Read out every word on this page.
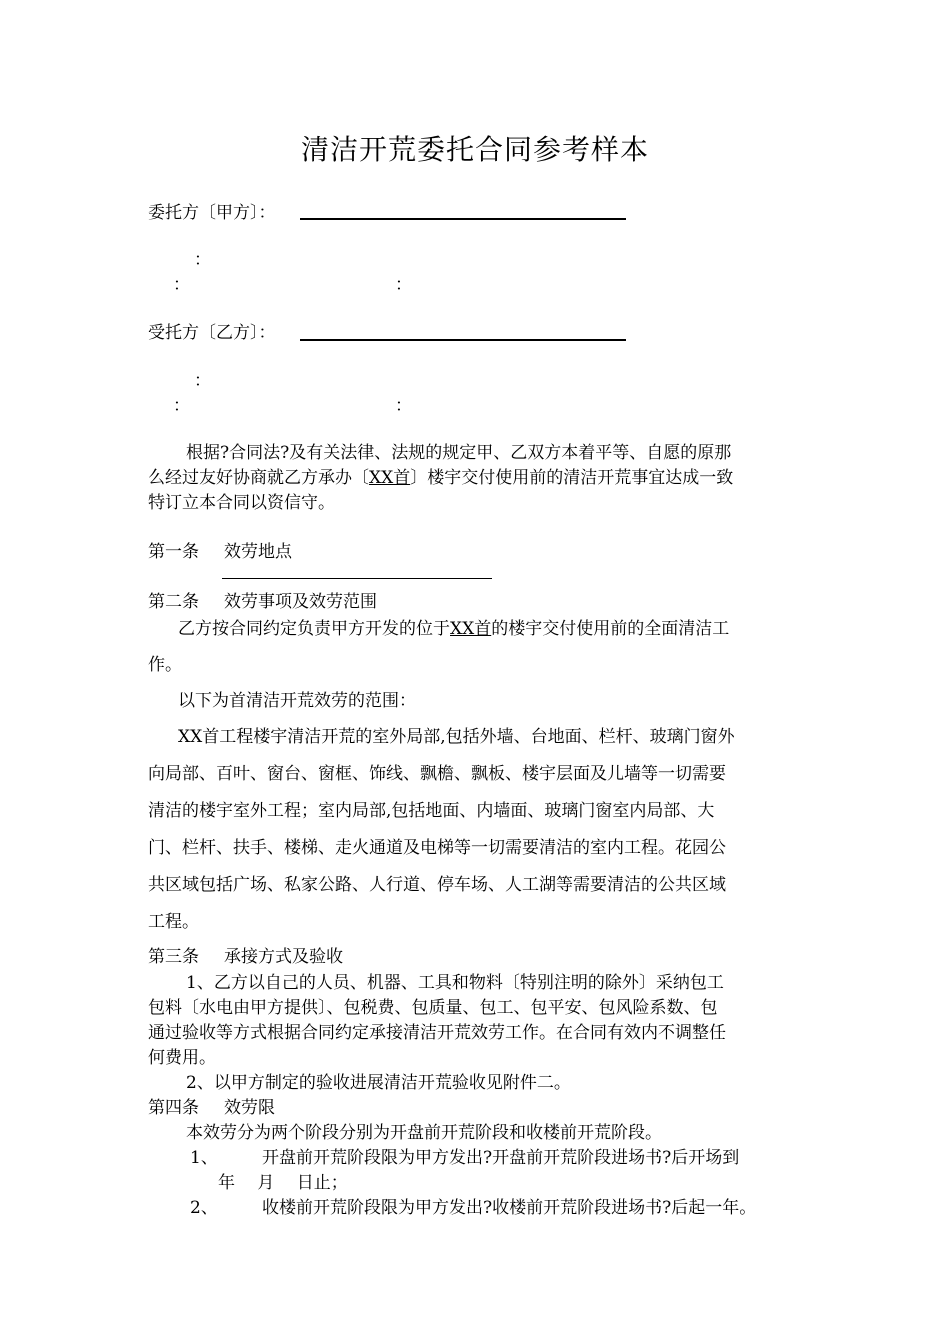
清洁开荒委托合同参考样本
委托方〔甲方〕：
：
：	：
受托方〔乙方〕：
：
：	：
根据?合同法?及有关法律、法规的规定甲、乙双方本着平等、自愿的原那
么经过友好协商就乙方承办〔XX首〕楼宇交付使用前的清洁开荒事宜达成一致
特订立本合同以资信守。
第一条 效劳地点
第二条 效劳事项及效劳范围
乙方按合同约定负责甲方开发的位于XX首的楼宇交付使用前的全面清洁工
作。
以下为首清洁开荒效劳的范围：
XX首工程楼宇清洁开荒的室外局部,包括外墙、台地面、栏杆、玻璃门窗外
向局部、百叶、窗台、窗框、饰线、飘檐、飘板、楼宇层面及儿墙等一切需要
清洁的楼宇室外工程；室内局部,包括地面、内墙面、玻璃门窗室内局部、大
门、栏杆、扶手、楼梯、走火通道及电梯等一切需要清洁的室内工程。花园公
共区域包括广场、私家公路、人行道、停车场、人工湖等需要清洁的公共区域
工程。
第三条 承接方式及验收
1、乙方以自己的人员、机器、工具和物料〔特别注明的除外〕采纳包工
包料〔水电由甲方提供〕、包税费、包质量、包工、包平安、包风险系数、包
通过验收等方式根据合同约定承接清洁开荒效劳工作。在合同有效内不调整任
何费用。
2、以甲方制定的验收进展清洁开荒验收见附件二。
第四条 效劳限
本效劳分为两个阶段分别为开盘前开荒阶段和收楼前开荒阶段。
1、	开盘前开荒阶段限为甲方发出?开盘前开荒阶段进场书?后开场到
年　 月　 日止；
2、	收楼前开荒阶段限为甲方发出?收楼前开荒阶段进场书?后起一年。
